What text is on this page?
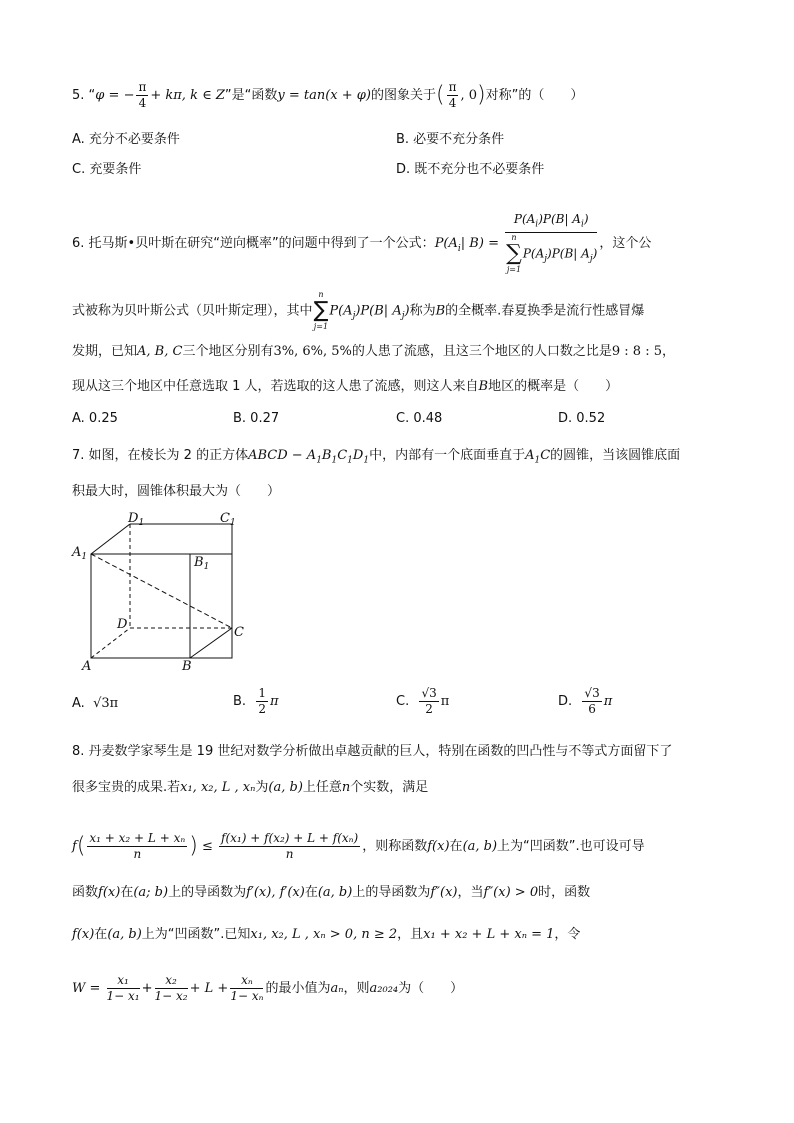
5. “φ = − $\frac{\pi}{4} + k\pi$, k ∈ Z”是“函数y = tan(x + φ)的图象关于( $\frac{\pi}{4}$ , 0)对称”的（　　）
A. 充分不必要条件	B. 必要不充分条件
C. 充要条件	D. 既不充分也不必要条件
6. 托马斯•贝叶斯在研究“逆向概率”的问题中得到了一个公式：$P(A_i|$ $B) = P(A_i)P(B|$ $A_i$)
n
∑
j=1
$P(A_j)P(B|$ $A_j$) ，这个公
式被称为贝叶斯公式（贝叶斯定理），其中
n
∑
j=1
$P(A_j)P(B|$ $A_j$)称为B的全概率.春夏换季是流行性感冒爆
发期，已知A, B, C三个地区分别有3%, 6%, 5%的人患了流感，且这三个地区的人口数之比是9 : 8 : 5，
现从这三个地区中任意选取 1 人，若选取的这人患了流感，则这人来自B地区的概率是（　　）
A. 0.25	B. 0.27	C. 0.48	D. 0.52
7. 如图，在棱长为 2 的正方体ABCD − $A_1B_1C_1D_1$中，内部有一个底面垂直于$A_1C$的圆锥，当该圆锥底面
积最大时，圆锥体积最大为（　　）
$D_1$	$C_1$
$A_1$	$B_1$
D
C
A	B
A. √3π	B. $\frac{1}{2}$ π	C. $\frac{√3}{2}$ π	D. $\frac{√3}{6}$ π
8. 丹麦数学家琴生是 19 世纪对数学分析做出卓越贡献的巨人，特别在函数的凹凸性与不等式方面留下了
很多宝贵的成果.若x₁, x₂, L , xₙ为(a, b)上任意n个实数，满足
$f( \frac{\text{x₁ + x₂ + L + xₙ}}{n}$ ) ≤ $\frac{\text{f(x₁) + f(x₂) + L + f(xₙ)}}{n}$ ，则称函数f(x)在(a, b)上为“凹函数”.也可设可导
函数f(x)在(a; b)上的导函数为f′(x), f′(x)在(a, b)上的导函数为f″(x)，当f″(x) > 0时，函数
f(x)在(a, b)上为“凹函数”.已知x₁, x₂, L , xₙ > 0, n ≥ 2，且x₁ + x₂ + L + xₙ = 1，令
$W = \frac{\text{x₁}}{\text{1− x₁}} + \frac{\text{x₂}}{\text{1− x₂}} + L + \frac{\text{xₙ}}{\text{1− xₙ}}$ 的最小值为aₙ，则a₂₀₂₄为（　　）
